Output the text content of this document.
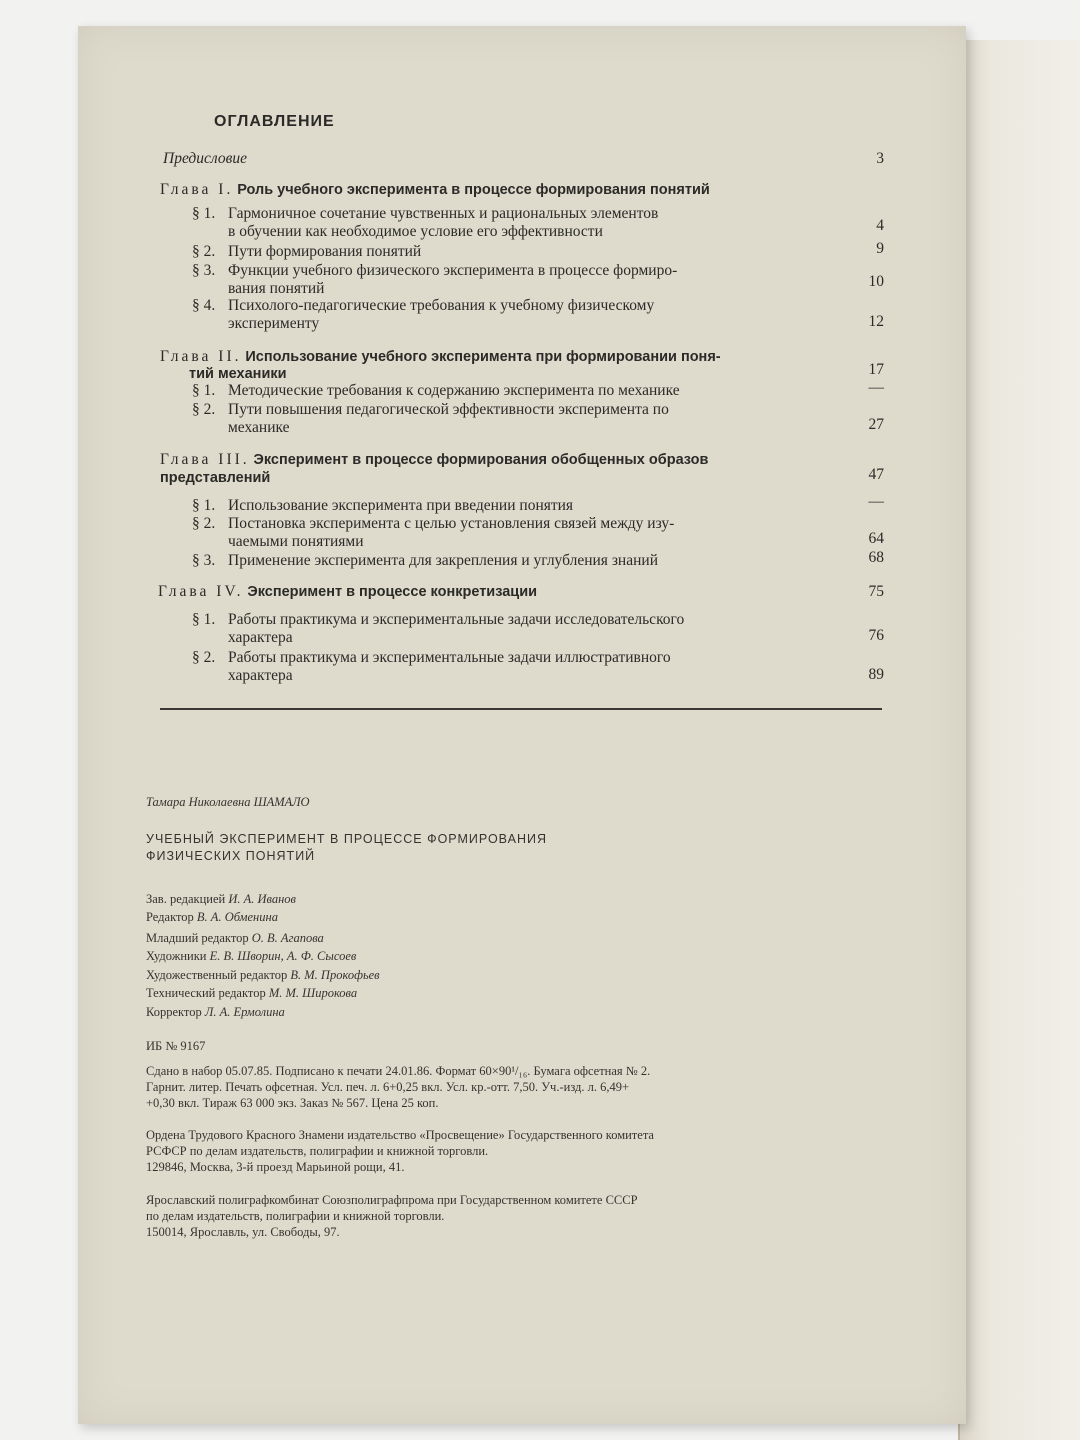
ОГЛАВЛЕНИЕ
Предисловие	3
Глава I. Роль учебного эксперимента в процессе формирования понятий
§ 1. Гармоничное сочетание чувственных и рациональных элементов
в обучении как необходимое условие его эффективности	4
§ 2. Пути формирования понятий	9
§ 3. Функции учебного физического эксперимента в процессе формиро-
вания понятий	10
§ 4. Психолого-педагогические требования к учебному физическому
эксперименту	12
Глава II. Использование учебного эксперимента при формировании поня-
тий механики	17
§ 1. Методические требования к содержанию эксперимента по механике	—
§ 2. Пути повышения педагогической эффективности эксперимента по
механике	27
Глава III. Эксперимент в процессе формирования обобщенных образов
представлений	47
§ 1. Использование эксперимента при введении понятия	—
§ 2. Постановка эксперимента с целью установления связей между изу-
чаемыми понятиями	64
§ 3. Применение эксперимента для закрепления и углубления знаний	68
Глава IV. Эксперимент в процессе конкретизации	75
§ 1. Работы практикума и экспериментальные задачи исследовательского
характера	76
§ 2. Работы практикума и экспериментальные задачи иллюстративного
характера	89
Тамара Николаевна ШАМАЛО
УЧЕБНЫЙ ЭКСПЕРИМЕНТ В ПРОЦЕССЕ ФОРМИРОВАНИЯ
ФИЗИЧЕСКИХ ПОНЯТИЙ
Зав. редакцией И. А. Иванов
Редактор В. А. Обменина
Младший редактор О. В. Агапова
Художники Е. В. Шворин, А. Ф. Сысоев
Художественный редактор В. М. Прокофьев
Технический редактор М. М. Широкова
Корректор Л. А. Ермолина
ИБ № 9167
Сдано в набор 05.07.85. Подписано к печати 24.01.86. Формат 60×90¹/₁₆. Бумага офсетная № 2.
Гарнит. литер. Печать офсетная. Усл. печ. л. 6+0,25 вкл. Усл. кр.-отт. 7,50. Уч.-изд. л. 6,49+
+0,30 вкл. Тираж 63 000 экз. Заказ № 567. Цена 25 коп.
Ордена Трудового Красного Знамени издательство «Просвещение» Государственного комитета
РСФСР по делам издательств, полиграфии и книжной торговли.
129846, Москва, 3-й проезд Марьиной рощи, 41.
Ярославский полиграфкомбинат Союзполиграфпрома при Государственном комитете СССР
по делам издательств, полиграфии и книжной торговли.
150014, Ярославль, ул. Свободы, 97.
